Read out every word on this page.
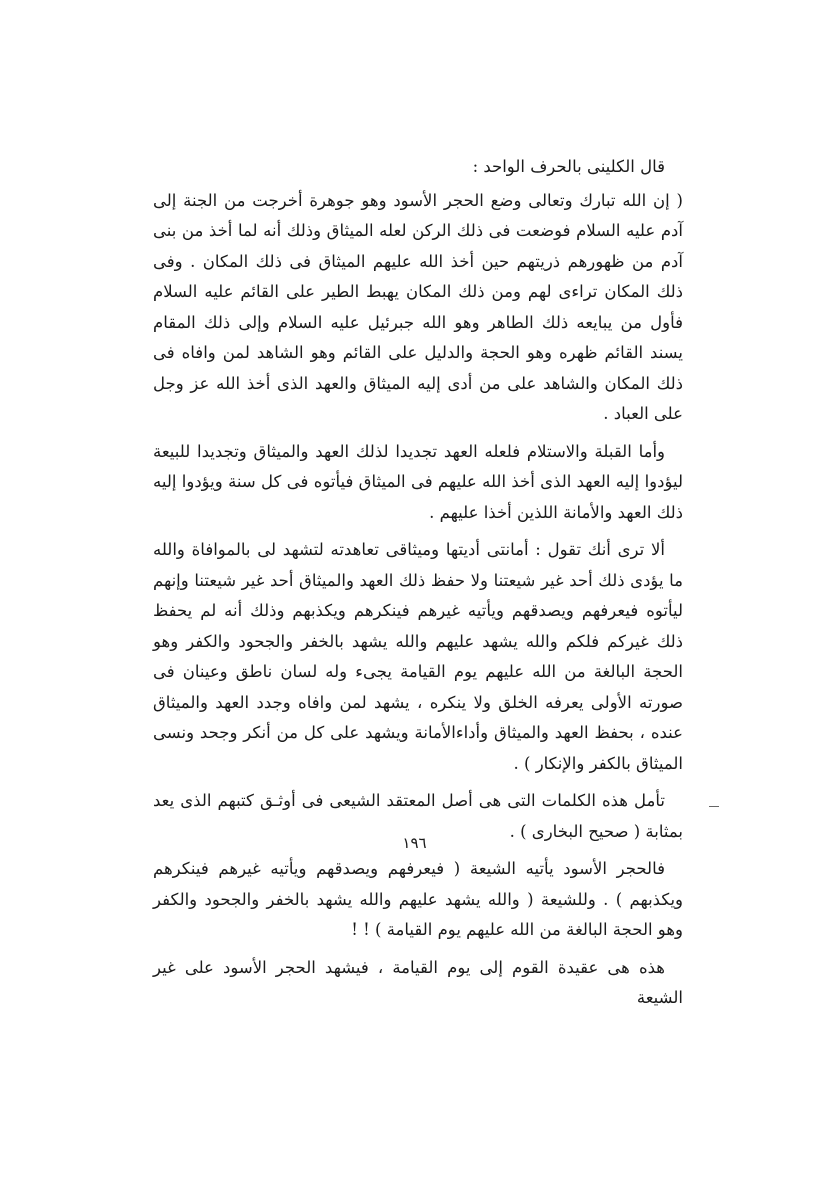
قال الكلينى بالحرف الواحد :

( إن الله تبارك وتعالى وضع الحجر الأسود وهو جوهرة أخرجت من الجنة إلى آدم عليه السلام فوضعت فى ذلك الركن لعله الميثاق وذلك أنه لما أخذ من بنى آدم من ظهورهم ذريتهم حين أخذ الله عليهم الميثاق فى ذلك المكان . وفى ذلك المكان تراءى لهم ومن ذلك المكان يهبط الطير على القائم عليه السلام فأول من يبايعه ذلك الطاهر وهو الله جبرئيل عليه السلام وإلى ذلك المقام يسند القائم ظهره وهو الحجة والدليل على القائم وهو الشاهد لمن وافاه فى ذلك المكان والشاهد على من أدى إليه الميثاق والعهد الذى أخذ الله عز وجل على العباد .

وأما القبلة والاستلام فلعله العهد تجديدا لذلك العهد والميثاق وتجديدا للبيعة ليؤدوا إليه العهد الذى أخذ الله عليهم فى الميثاق فيأتوه فى كل سنة ويؤدوا إليه ذلك العهد والأمانة اللذين أخذا عليهم .

ألا ترى أنك تقول : أمانتى أديتها وميثاقى تعاهدته لتشهد لى بالموافاة والله ما يؤدى ذلك أحد غير شيعتنا ولا حفظ ذلك العهد والميثاق أحد غير شيعتنا وإنهم ليأتوه فيعرفهم ويصدقهم ويأتيه غيرهم فينكرهم ويكذبهم وذلك أنه لم يحفظ ذلك غيركم فلكم والله يشهد عليهم والله يشهد بالخفر والجحود والكفر وهو الحجة البالغة من الله عليهم يوم القيامة يجىء وله لسان ناطق وعينان فى صورته الأولى يعرفه الخلق ولا ينكره ، يشهد لمن وافاه وجدد العهد والميثاق عنده ، بحفظ العهد والميثاق وأداءالأمانة ويشهد على كل من أنكر وجحد ونسى الميثاق بالكفر والإنكار ) .

تأمل هذه الكلمات التى هى أصل المعتقد الشيعى فى أوثـق كتبهم الذى يعد بمثابة ( صحيح البخارى ) .

فالحجر الأسود يأتيه الشيعة ( فيعرفهم ويصدقهم ويأتيه غيرهم فينكرهم ويكذبهم ) . وللشيعة ( والله يشهد عليهم والله يشهد بالخفر والجحود والكفر وهو الحجة البالغة من الله عليهم يوم القيامة ) ! !

هذه هى عقيدة القوم إلى يوم القيامة ، فيشهد الحجر الأسود على غير الشيعة

١٩٦
